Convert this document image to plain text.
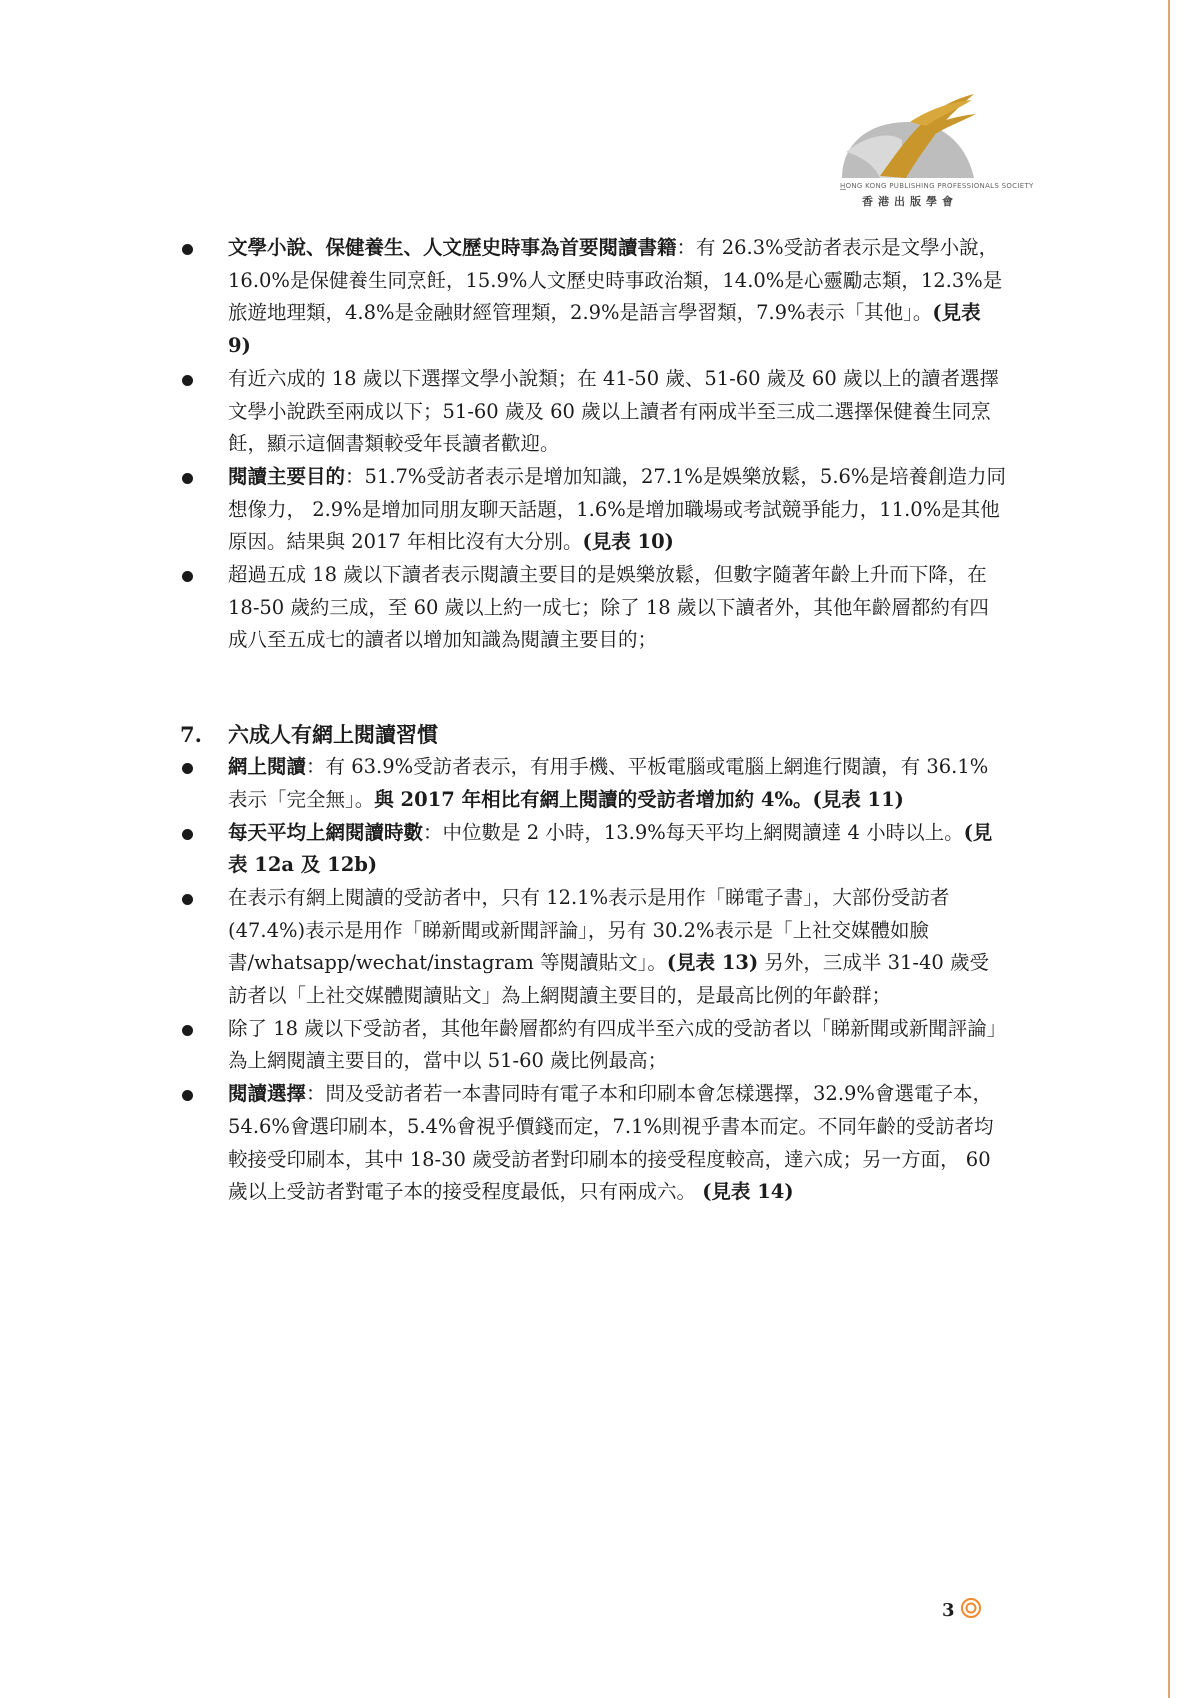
HONG KONG PUBLISHING PROFESSIONALS SOCIETY
香港出版學會
文學小說、保健養生、人文歷史時事為首要閱讀書籍：有 26.3%受訪者表示是文學小說，16.0%是保健養生同烹飪，15.9%人文歷史時事政治類，14.0%是心靈勵志類，12.3%是旅遊地理類，4.8%是金融財經管理類，2.9%是語言學習類，7.9%表示「其他」。(見表 9)
有近六成的 18 歲以下選擇文學小說類；在 41-50 歲、51-60 歲及 60 歲以上的讀者選擇文學小說跌至兩成以下；51-60 歲及 60 歲以上讀者有兩成半至三成二選擇保健養生同烹飪，顯示這個書類較受年長讀者歡迎。
閱讀主要目的：51.7%受訪者表示是增加知識，27.1%是娛樂放鬆，5.6%是培養創造力同想像力， 2.9%是增加同朋友聊天話題，1.6%是增加職場或考試競爭能力，11.0%是其他原因。結果與 2017 年相比沒有大分別。(見表 10)
超過五成 18 歲以下讀者表示閱讀主要目的是娛樂放鬆，但數字隨著年齡上升而下降，在 18-50 歲約三成，至 60 歲以上約一成七；除了 18 歲以下讀者外，其他年齡層都約有四成八至五成七的讀者以增加知識為閱讀主要目的；
7. 六成人有網上閱讀習慣
網上閱讀：有 63.9%受訪者表示，有用手機、平板電腦或電腦上網進行閱讀，有 36.1%表示「完全無」。與 2017 年相比有網上閱讀的受訪者增加約 4%。(見表 11)
每天平均上網閱讀時數：中位數是 2 小時，13.9%每天平均上網閱讀達 4 小時以上。(見表 12a 及 12b)
在表示有網上閱讀的受訪者中，只有 12.1%表示是用作「睇電子書」，大部份受訪者(47.4%)表示是用作「睇新聞或新聞評論」，另有 30.2%表示是「上社交媒體如臉書/whatsapp/wechat/instagram 等閱讀貼文」。(見表 13) 另外，三成半 31-40 歲受訪者以「上社交媒體閱讀貼文」為上網閱讀主要目的，是最高比例的年齡群；
除了 18 歲以下受訪者，其他年齡層都約有四成半至六成的受訪者以「睇新聞或新聞評論」為上網閱讀主要目的，當中以 51-60 歲比例最高；
閱讀選擇：問及受訪者若一本書同時有電子本和印刷本會怎樣選擇，32.9%會選電子本，54.6%會選印刷本，5.4%會視乎價錢而定，7.1%則視乎書本而定。不同年齡的受訪者均較接受印刷本，其中 18-30 歲受訪者對印刷本的接受程度較高，達六成；另一方面， 60 歲以上受訪者對電子本的接受程度最低，只有兩成六。 (見表 14)
3
